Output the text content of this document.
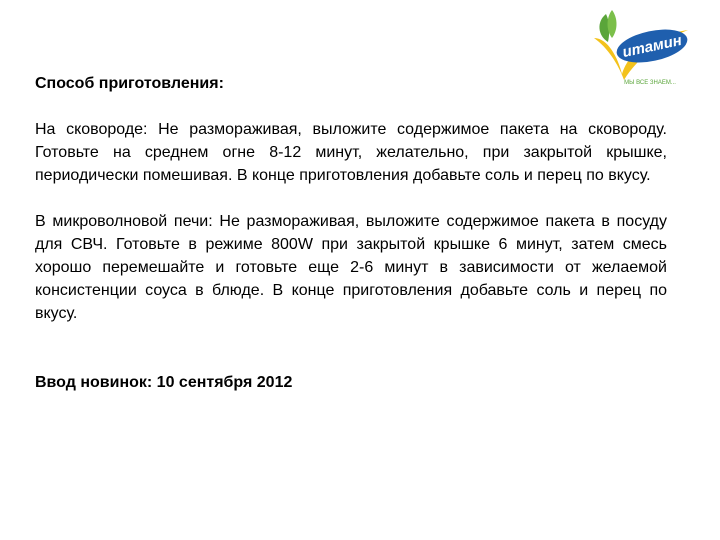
итамин
МЫ ВСЕ ЗНАЕМ...

Способ приготовления:

На сковороде: Не размораживая, выложите содержимое пакета на сковороду. Готовьте на среднем огне 8-12 минут, желательно, при закрытой крышке, периодически помешивая. В конце приготовления добавьте соль и перец по вкусу.

В микроволновой печи: Не размораживая, выложите содержимое пакета в посуду для СВЧ. Готовьте в режиме 800W при закрытой крышке 6 минут, затем смесь хорошо перемешайте и готовьте еще 2-6 минут в зависимости от желаемой консистенции соуса в блюде. В конце приготовления добавьте соль и перец по вкусу.

Ввод новинок: 10 сентября 2012
